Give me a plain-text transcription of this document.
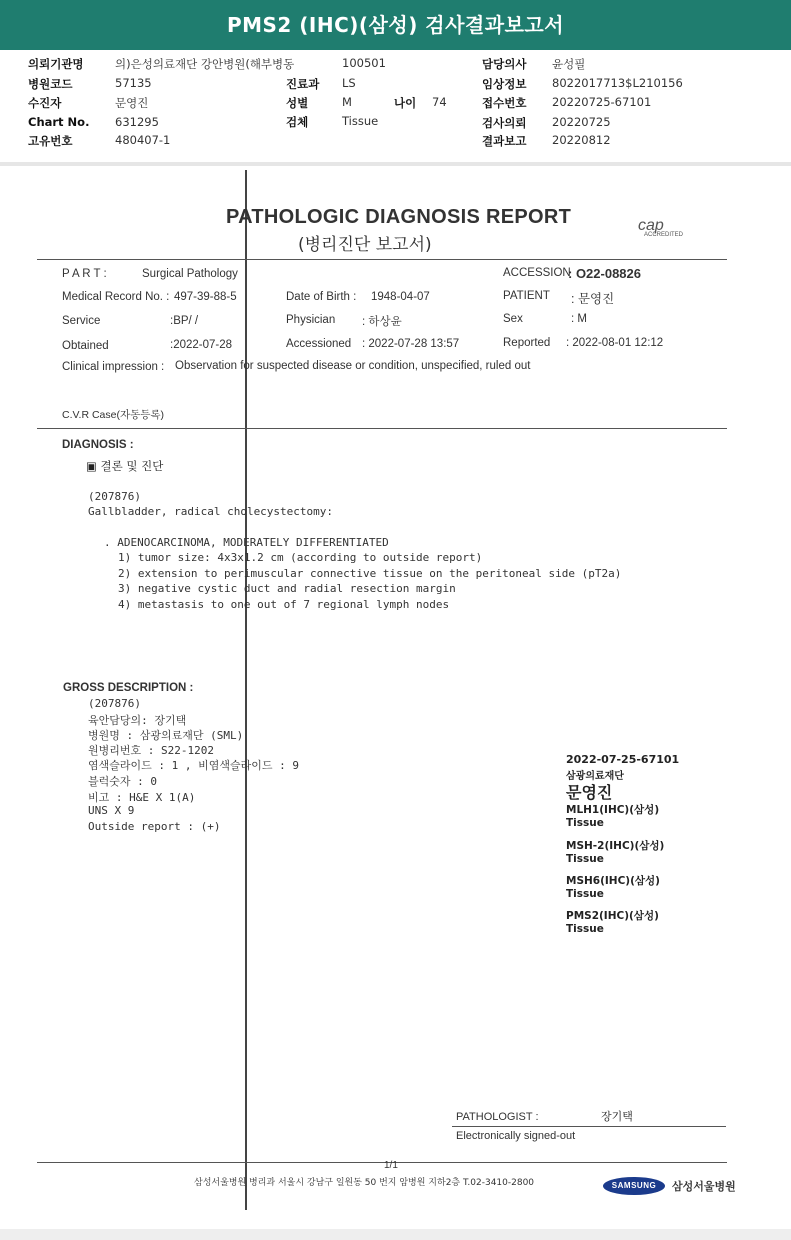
PMS2 (IHC)(삼성) 검사결과보고서
의뢰기관명	의)은성의료재단 강안병원(해부병동	100501	담당의사 윤성필
병원코드	57135	진료과 LS	임상정보 8022017713$L210156
수진자	문영진	성별	M	나이 74	접수번호 20220725-67101
Chart No. 631295	검체	Tissue	검사의뢰 20220725
고유번호	480407-1	결과보고 20220812
PATHOLOGIC DIAGNOSIS REPORT
(병리진단 보고서)
cap
ACCREDITED
P A R T :	Surgical Pathology	ACCESSION
: O22-08826
Medical Record No. : 497-39-88-5	Date of Birth : 1948-04-07	PATIENT : 문영진
Service	:BP/ /	Physician : 하상윤	Sex	: M
Obtained	:2022-07-28	Accessioned : 2022-07-28 13:57	Reported : 2022-08-01 12:12
Clinical impression : Observation for suspected disease or condition, unspecified, ruled out
C.V.R Case(자동등록)
DIAGNOSIS :
▣ 결론 및 진단
(207876)
Gallbladder, radical cholecystectomy:
. ADENOCARCINOMA, MODERATELY DIFFERENTIATED
1) tumor size: 4x3x1.2 cm (according to outside report)
2) extension to perimuscular connective tissue on the peritoneal side (pT2a)
3) negative cystic duct and radial resection margin
4) metastasis to one out of 7 regional lymph nodes
GROSS DESCRIPTION :
(207876)
육안담당의: 장기택
병원명 : 삼광의료재단 (SML)
원병리번호 : S22-1202
염색슬라이드 : 1 , 비염색슬라이드 : 9
블럭숫자 : 0
비고 : H&E X 1(A)
UNS X 9
Outside report : (+)
2022-07-25-67101
삼광의료재단
문영진
MLH1(IHC)(삼성)
Tissue
MSH-2(IHC)(삼성)
Tissue
MSH6(IHC)(삼성)
Tissue
PMS2(IHC)(삼성)
Tissue
PATHOLOGIST :	장기택
Electronically signed-out
1/1
삼성서울병원 병리과 서울시 강남구 일원동 50 번지 암병원 지하2층 T.02-3410-2800	SAMSUNG	삼성서울병원
